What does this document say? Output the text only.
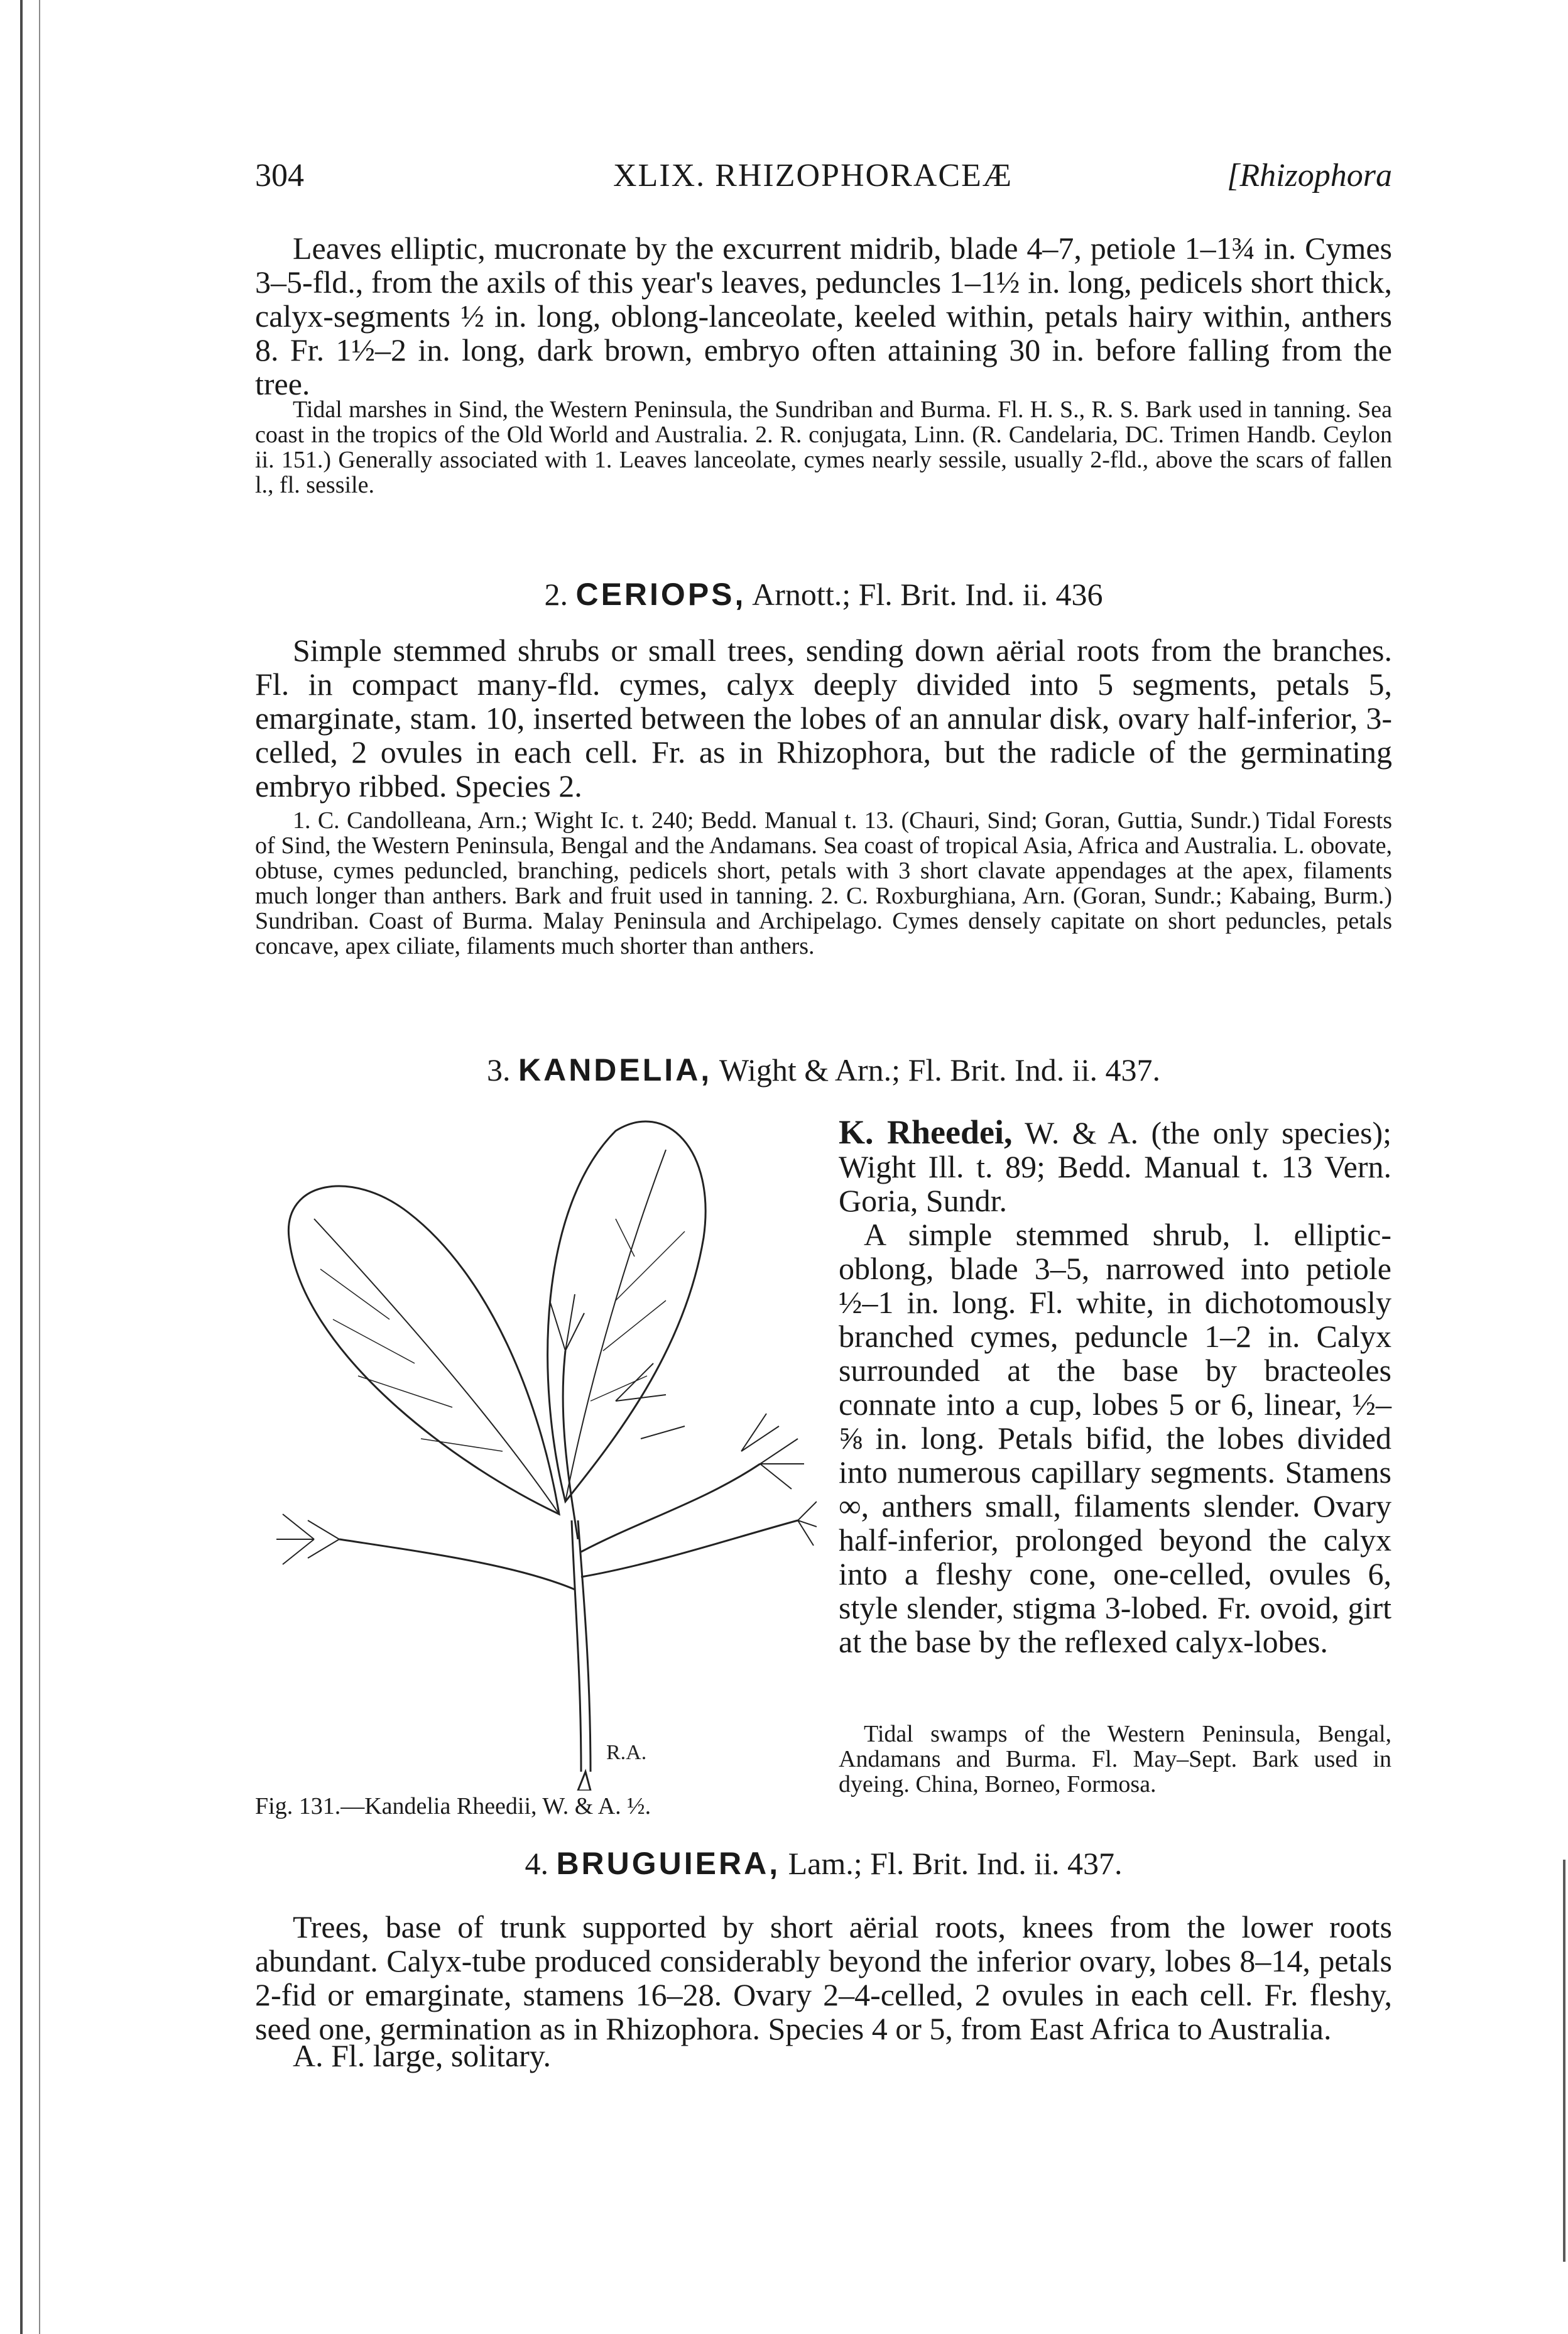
304	XLIX. RHIZOPHORACEÆ	[Rhizophora
Leaves elliptic, mucronate by the excurrent midrib, blade 4–7, petiole 1–1¾ in. Cymes 3–5-fld., from the axils of this year's leaves, peduncles 1–1½ in. long, pedicels short thick, calyx-segments ½ in. long, oblong-lanceolate, keeled within, petals hairy within, anthers 8. Fr. 1½–2 in. long, dark brown, embryo often attaining 30 in. before falling from the tree.
Tidal marshes in Sind, the Western Peninsula, the Sundriban and Burma. Fl. H. S., R. S. Bark used in tanning. Sea coast in the tropics of the Old World and Australia. 2. R. conjugata, Linn. (R. Candelaria, DC. Trimen Handb. Ceylon ii. 151.) Generally associated with 1. Leaves lanceolate, cymes nearly sessile, usually 2-fld., above the scars of fallen l., fl. sessile.
2. CERIOPS, Arnott.; Fl. Brit. Ind. ii. 436
Simple stemmed shrubs or small trees, sending down aërial roots from the branches. Fl. in compact many-fld. cymes, calyx deeply divided into 5 segments, petals 5, emarginate, stam. 10, inserted between the lobes of an annular disk, ovary half-inferior, 3-celled, 2 ovules in each cell. Fr. as in Rhizophora, but the radicle of the germinating embryo ribbed. Species 2.
1. C. Candolleana, Arn.; Wight Ic. t. 240; Bedd. Manual t. 13. (Chauri, Sind; Goran, Guttia, Sundr.) Tidal Forests of Sind, the Western Peninsula, Bengal and the Andamans. Sea coast of tropical Asia, Africa and Australia. L. obovate, obtuse, cymes peduncled, branching, pedicels short, petals with 3 short clavate appendages at the apex, filaments much longer than anthers. Bark and fruit used in tanning. 2. C. Roxburghiana, Arn. (Goran, Sundr.; Kabaing, Burm.) Sundriban. Coast of Burma. Malay Peninsula and Archipelago. Cymes densely capitate on short peduncles, petals concave, apex ciliate, filaments much shorter than anthers.
3. KANDELIA, Wight & Arn.; Fl. Brit. Ind. ii. 437.
R.A.
Fig. 131.—Kandelia Rheedii, W. & A. ½.
K. Rheedei, W. & A. (the only species); Wight Ill. t. 89; Bedd. Manual t. 13 Vern. Goria, Sundr.
A simple stemmed shrub, l. elliptic-oblong, blade 3–5, narrowed into petiole ½–1 in. long. Fl. white, in dichotomously branched cymes, peduncle 1–2 in. Calyx surrounded at the base by bracteoles connate into a cup, lobes 5 or 6, linear, ½–⅝ in. long. Petals bifid, the lobes divided into numerous capillary segments. Stamens ∞, anthers small, filaments slender. Ovary half-inferior, prolonged beyond the calyx into a fleshy cone, one-celled, ovules 6, style slender, stigma 3-lobed. Fr. ovoid, girt at the base by the reflexed calyx-lobes.
Tidal swamps of the Western Peninsula, Bengal, Andamans and Burma. Fl. May–Sept. Bark used in dyeing. China, Borneo, Formosa.
4. BRUGUIERA, Lam.; Fl. Brit. Ind. ii. 437.
Trees, base of trunk supported by short aërial roots, knees from the lower roots abundant. Calyx-tube produced considerably beyond the inferior ovary, lobes 8–14, petals 2-fid or emarginate, stamens 16–28. Ovary 2–4-celled, 2 ovules in each cell. Fr. fleshy, seed one, germination as in Rhizophora. Species 4 or 5, from East Africa to Australia.
A. Fl. large, solitary.
